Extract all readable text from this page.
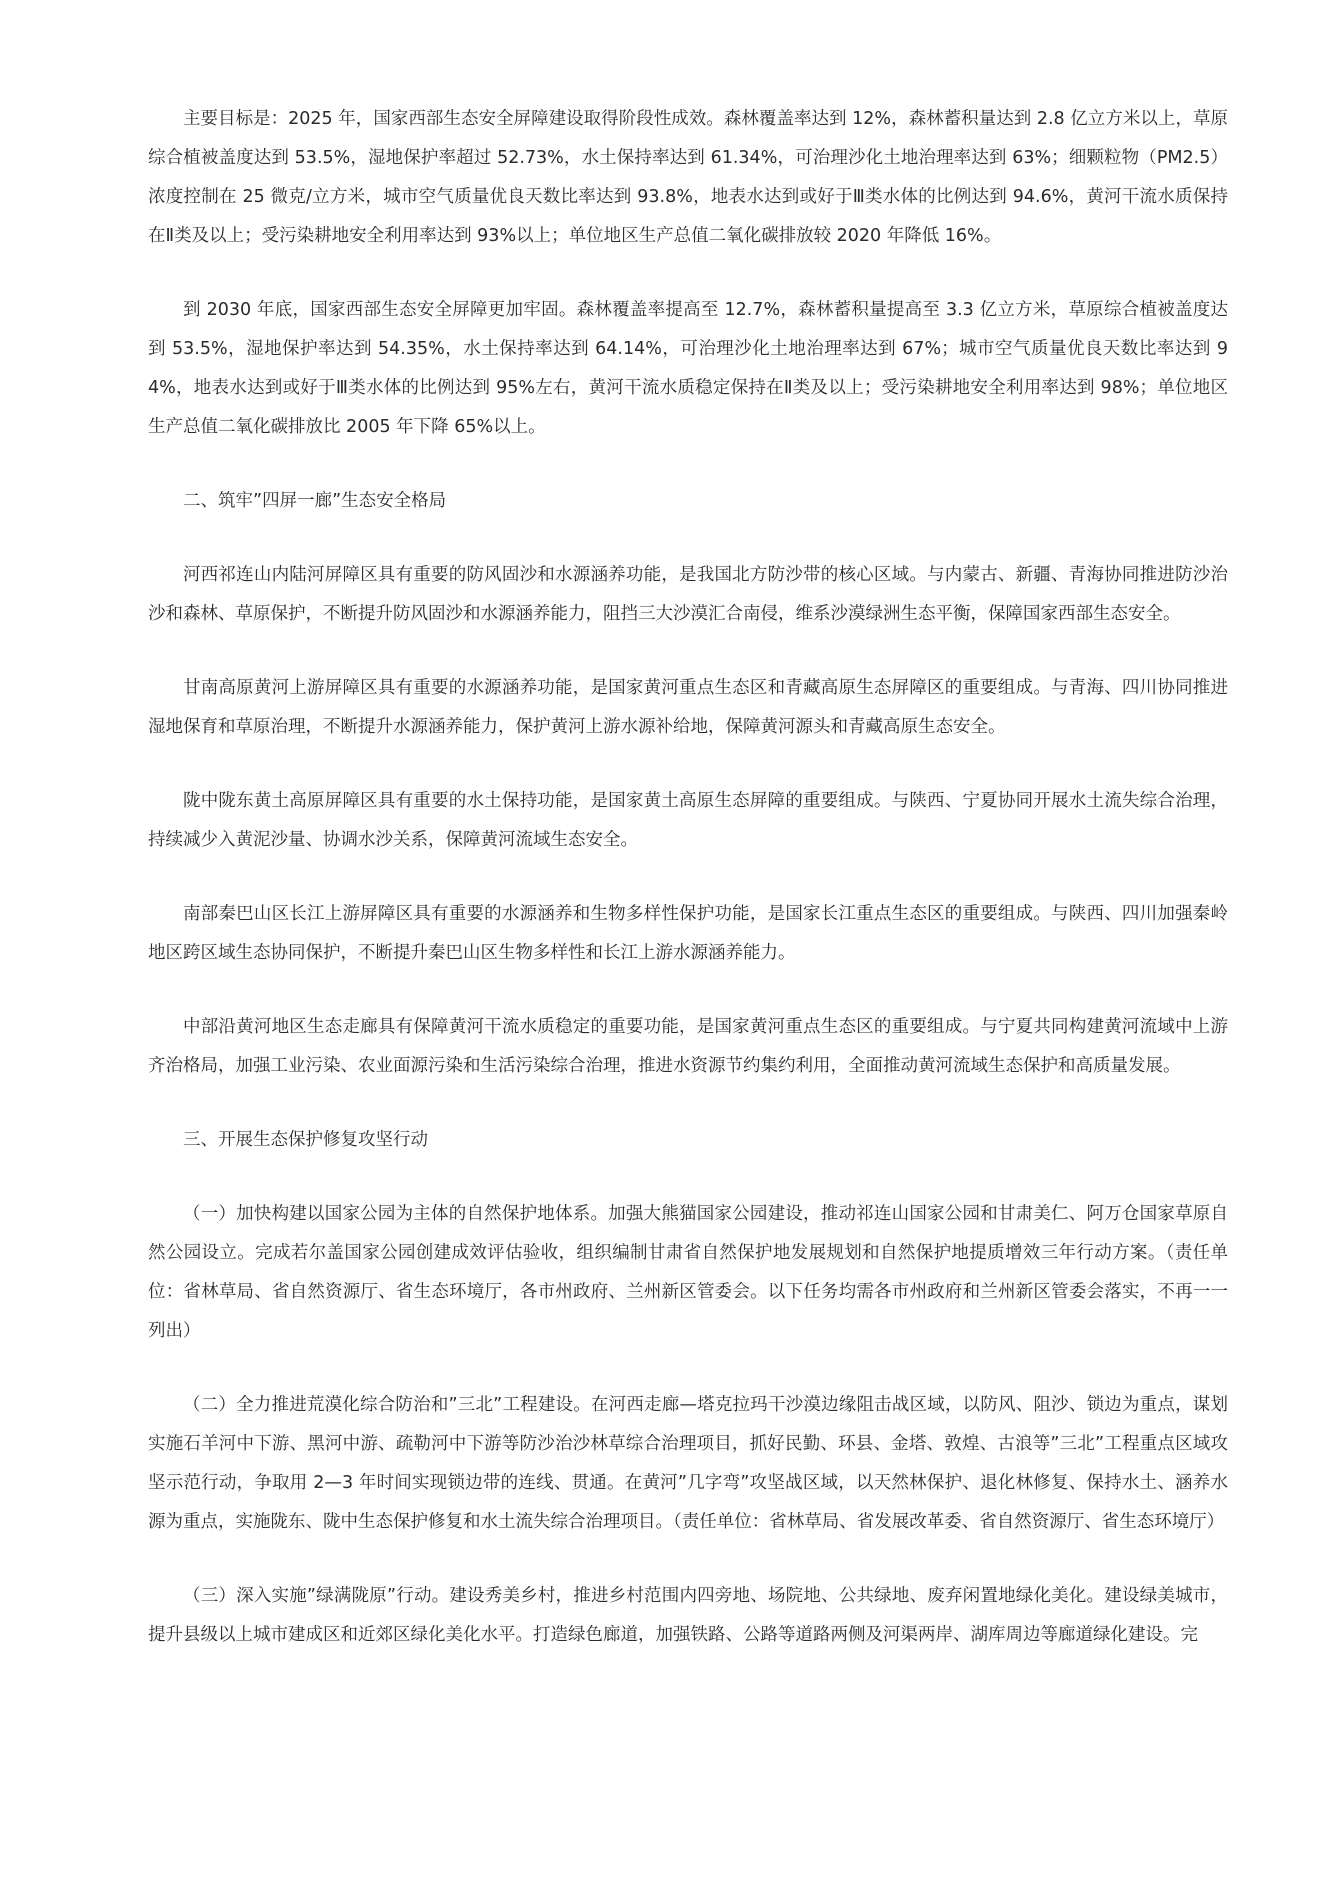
主要目标是：2025 年，国家西部生态安全屏障建设取得阶段性成效。森林覆盖率达到 12%，森林蓄积量达到 2.8 亿立方米以上，草原综合植被盖度达到 53.5%，湿地保护率超过 52.73%，水土保持率达到 61.34%，可治理沙化土地治理率达到 63%；细颗粒物（PM2.5）浓度控制在 25 微克/立方米，城市空气质量优良天数比率达到 93.8%，地表水达到或好于Ⅲ类水体的比例达到 94.6%，黄河干流水质保持在Ⅱ类及以上；受污染耕地安全利用率达到 93%以上；单位地区生产总值二氧化碳排放较 2020 年降低 16%。

到 2030 年底，国家西部生态安全屏障更加牢固。森林覆盖率提高至 12.7%，森林蓄积量提高至 3.3 亿立方米，草原综合植被盖度达到 53.5%，湿地保护率达到 54.35%，水土保持率达到 64.14%，可治理沙化土地治理率达到 67%；城市空气质量优良天数比率达到 94%，地表水达到或好于Ⅲ类水体的比例达到 95%左右，黄河干流水质稳定保持在Ⅱ类及以上；受污染耕地安全利用率达到 98%；单位地区生产总值二氧化碳排放比 2005 年下降 65%以上。

二、筑牢”四屏一廊”生态安全格局

河西祁连山内陆河屏障区具有重要的防风固沙和水源涵养功能，是我国北方防沙带的核心区域。与内蒙古、新疆、青海协同推进防沙治沙和森林、草原保护，不断提升防风固沙和水源涵养能力，阻挡三大沙漠汇合南侵，维系沙漠绿洲生态平衡，保障国家西部生态安全。

甘南高原黄河上游屏障区具有重要的水源涵养功能，是国家黄河重点生态区和青藏高原生态屏障区的重要组成。与青海、四川协同推进湿地保育和草原治理，不断提升水源涵养能力，保护黄河上游水源补给地，保障黄河源头和青藏高原生态安全。

陇中陇东黄土高原屏障区具有重要的水土保持功能，是国家黄土高原生态屏障的重要组成。与陕西、宁夏协同开展水土流失综合治理，持续减少入黄泥沙量、协调水沙关系，保障黄河流域生态安全。

南部秦巴山区长江上游屏障区具有重要的水源涵养和生物多样性保护功能，是国家长江重点生态区的重要组成。与陕西、四川加强秦岭地区跨区域生态协同保护，不断提升秦巴山区生物多样性和长江上游水源涵养能力。

中部沿黄河地区生态走廊具有保障黄河干流水质稳定的重要功能，是国家黄河重点生态区的重要组成。与宁夏共同构建黄河流域中上游齐治格局，加强工业污染、农业面源污染和生活污染综合治理，推进水资源节约集约利用，全面推动黄河流域生态保护和高质量发展。

三、开展生态保护修复攻坚行动

（一）加快构建以国家公园为主体的自然保护地体系。加强大熊猫国家公园建设，推动祁连山国家公园和甘肃美仁、阿万仓国家草原自然公园设立。完成若尔盖国家公园创建成效评估验收，组织编制甘肃省自然保护地发展规划和自然保护地提质增效三年行动方案。（责任单位：省林草局、省自然资源厅、省生态环境厅，各市州政府、兰州新区管委会。以下任务均需各市州政府和兰州新区管委会落实，不再一一列出）

（二）全力推进荒漠化综合防治和”三北”工程建设。在河西走廊—塔克拉玛干沙漠边缘阻击战区域，以防风、阻沙、锁边为重点，谋划实施石羊河中下游、黑河中游、疏勒河中下游等防沙治沙林草综合治理项目，抓好民勤、环县、金塔、敦煌、古浪等”三北”工程重点区域攻坚示范行动，争取用 2—3 年时间实现锁边带的连线、贯通。在黄河”几字弯”攻坚战区域，以天然林保护、退化林修复、保持水土、涵养水源为重点，实施陇东、陇中生态保护修复和水土流失综合治理项目。（责任单位：省林草局、省发展改革委、省自然资源厅、省生态环境厅）

（三）深入实施”绿满陇原”行动。建设秀美乡村，推进乡村范围内四旁地、场院地、公共绿地、废弃闲置地绿化美化。建设绿美城市，提升县级以上城市建成区和近郊区绿化美化水平。打造绿色廊道，加强铁路、公路等道路两侧及河渠两岸、湖库周边等廊道绿化建设。完
